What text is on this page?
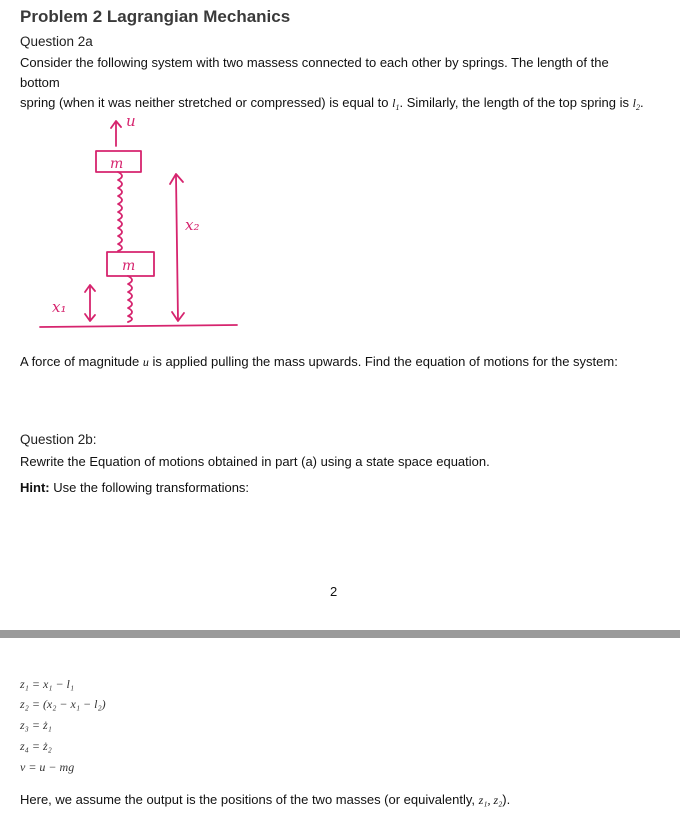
Problem 2 Lagrangian Mechanics
Question 2a
Consider the following system with two massess connected to each other by springs. The length of the bottom
spring (when it was neither stretched or compressed) is equal to $l_1$. Similarly, the length of the top spring is $l_2$.
u
m
m
x₂
x₁
A force of magnitude u is applied pulling the mass upwards. Find the equation of motions for the system:
Question 2b:
Rewrite the Equation of motions obtained in part (a) using a state space equation.
Hint: Use the following transformations:
2
z₁ = x₁ − l₁
z₂ = (x₂ − x₁ − l₂)
z₃ = ż₁
z₄ = ż₂
v = u − mg
Here, we assume the output is the positions of the two masses (or equivalently, z₁, z₂).
